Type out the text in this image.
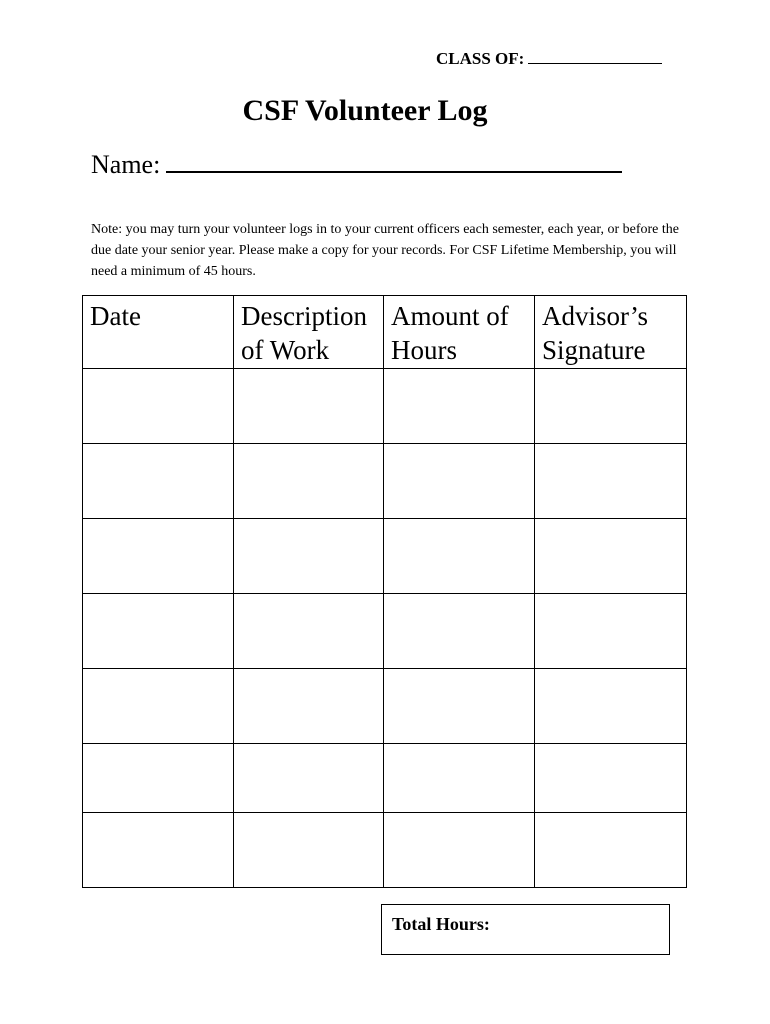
CLASS OF:
CSF Volunteer Log
Name:
Note: you may turn your volunteer logs in to your current officers each semester, each year, or before the due date your senior year. Please make a copy for your records. For CSF Lifetime Membership, you will need a minimum of 45 hours.
Date	Description of Work	Amount of Hours	Advisor’s Signature

Total Hours:
